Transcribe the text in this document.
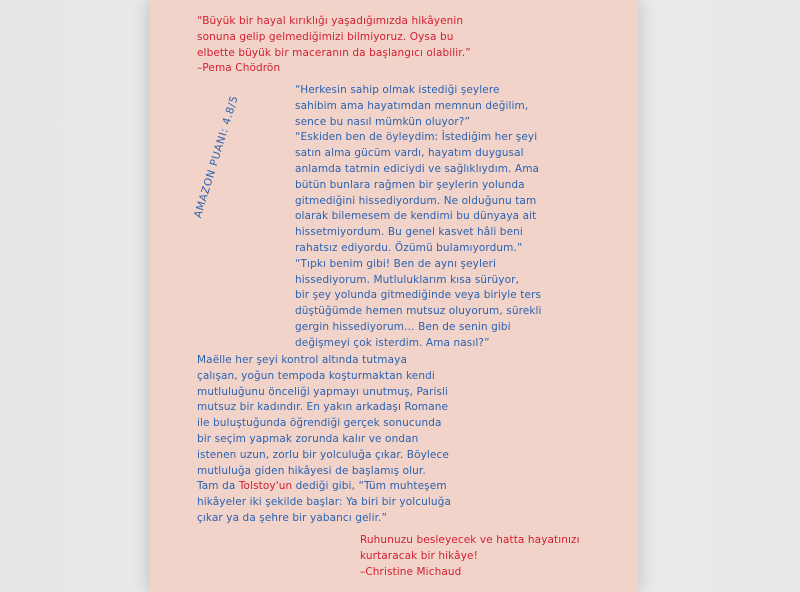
“Büyük bir hayal kırıklığı yaşadığımızda hikâyenin
sonuna gelip gelmediğimizi bilmiyoruz. Oysa bu
elbette büyük bir maceranın da başlangıcı olabilir.”
–Pema Chödrön

AMAZON PUANI: 4.8/5

“Herkesin sahip olmak istediği şeylere
sahibim ama hayatımdan memnun değilim,
sence bu nasıl mümkün oluyor?”
“Eskiden ben de öyleydim: İstediğim her şeyi
satın alma gücüm vardı, hayatım duygusal
anlamda tatmin ediciydi ve sağlıklıydım. Ama
bütün bunlara rağmen bir şeylerin yolunda
gitmediğini hissediyordum. Ne olduğunu tam
olarak bilemesem de kendimi bu dünyaya ait
hissetmiyordum. Bu genel kasvet hâli beni
rahatsız ediyordu. Özümü bulamıyordum.”
“Tıpkı benim gibi! Ben de aynı şeyleri
hissediyorum. Mutluluklarım kısa sürüyor,
bir şey yolunda gitmediğinde veya biriyle ters
düştüğümde hemen mutsuz oluyorum, sürekli
gergin hissediyorum… Ben de senin gibi
değişmeyi çok isterdim. Ama nasıl?”

Maëlle her şeyi kontrol altında tutmaya
çalışan, yoğun tempoda koşturmaktan kendi
mutluluğunu önceliği yapmayı unutmuş, Parisli
mutsuz bir kadındır. En yakın arkadaşı Romane
ile buluştuğunda öğrendiği gerçek sonucunda
bir seçim yapmak zorunda kalır ve ondan
istenen uzun, zorlu bir yolculuğa çıkar. Böylece
mutluluğa giden hikâyesi de başlamış olur.
Tam da Tolstoy'un dediği gibi, “Tüm muhteşem
hikâyeler iki şekilde başlar: Ya biri bir yolculuğa
çıkar ya da şehre bir yabancı gelir.”

Ruhunuzu besleyecek ve hatta hayatınızı
kurtaracak bir hikâye!
–Christine Michaud
